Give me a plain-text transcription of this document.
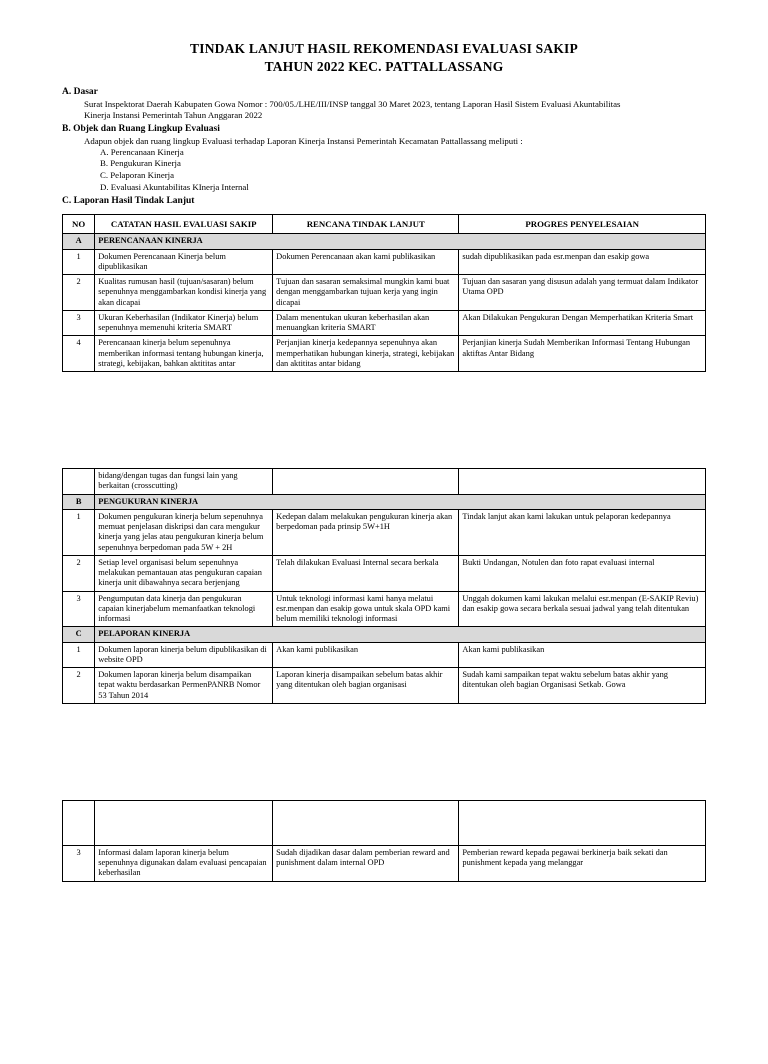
TINDAK LANJUT HASIL REKOMENDASI EVALUASI SAKIP
TAHUN 2022 KEC. PATTALLASSANG
A. Dasar
Surat Inspektorat Daerah Kabupaten Gowa Nomor : 700/05./LHE/III/INSP tanggal 30 Maret 2023, tentang Laporan Hasil Sistem Evaluasi Akuntabilitas
Kinerja Instansi Pemerintah Tahun Anggaran 2022
B. Objek dan Ruang Lingkup Evaluasi
Adapun objek dan ruang lingkup Evaluasi terhadap Laporan Kinerja Instansi Pemerintah Kecamatan Pattallassang meliputi :
A. Perencanaan Kinerja
B. Pengukuran Kinerja
C. Pelaporan Kinerja
D. Evaluasi Akuntabilitas KInerja Internal
C. Laporan Hasil Tindak Lanjut
NO	CATATAN HASIL EVALUASI SAKIP	RENCANA TINDAK LANJUT	PROGRES PENYELESAIAN
A	PERENCANAAN KINERJA		
1	Dokumen Perencanaan Kinerja belum dipublikasikan	Dokumen Perencanaan akan kami publikasikan	sudah dipublikasikan pada esr.menpan dan esakip gowa
2	Kualitas rumusan hasil (tujuan/sasaran) belum sepenuhnya menggambarkan kondisi kinerja yang akan dicapai	Tujuan dan sasaran semaksimal mungkin kami buat dengan menggambarkan tujuan kerja yang ingin dicapai	Tujuan dan sasaran yang disusun adalah yang termuat dalam Indikator Utama OPD
3	Ukuran Keberhasilan (Indikator Kinerja) belum sepenuhnya memenuhi kriteria SMART	Dalam menentukan ukuran keberhasilan akan menuangkan kriteria SMART	Akan Dilakukan Pengukuran Dengan Memperhatikan Kriteria Smart
4	Perencanaan kinerja belum sepenuhnya memberikan informasi tentang hubungan kinerja, strategi, kebijakan, bahkan aktititas antar	Perjanjian kinerja kedepannya sepenuhnya akan memperhatikan hubungan kinerja, strategi, kebijakan dan aktititas antar bidang	Perjanjian kinerja Sudah Memberikan Informasi Tentang Hubungan aktiftas Antar Bidang
	bidang/dengan tugas dan fungsi lain yang berkaitan (crosscutting)		
B	PENGUKURAN KINERJA		
1	Dokumen pengukuran kinerja belum sepenuhnya memuat penjelasan diskripsi dan cara mengukur kinerja yang jelas atau pengukuran kinerja belum sepenuhnya berpedoman pada 5W + 2H	Kedepan dalam melakukan pengukuran kinerja akan berpedoman pada prinsip 5W+1H	Tindak lanjut akan kami lakukan untuk pelaporan kedepannya
2	Setiap level organisasi belum sepenuhnya melakukan pemantauan atas pengukuran capaian kinerja unit dibawahnya secara berjenjang	Telah dilakukan Evaluasi Internal secara berkala	Bukti Undangan, Notulen dan foto rapat evaluasi internal
3	Pengumputan data kinerja dan pengukuran capaian kinerjabelum memanfaatkan teknologi informasi	Untuk teknologi informasi kami hanya melatui esr.menpan dan esakip gowa untuk skala OPD kami belum memiliki teknologi informasi	Unggah dokumen kami lakukan melalui esr.menpan (E-SAKIP Reviu) dan esakip gowa secara berkala sesuai jadwal yang telah ditentukan
C	PELAPORAN KINERJA		
1	Dokumen laporan kinerja belum dipublikasikan di website OPD	Akan kami publikasikan	Akan kami publikasikan
2	Dokumen laporan kinerja belum disampaikan tepat waktu berdasarkan PermenPANRB Nomor 53 Tahun 2014	Laporan kinerja disampaikan sebelum batas akhir yang ditentukan oleh bagian organisasi	Sudah kami sampaikan tepat waktu sebelum batas akhir yang ditentukan oleh bagian Organisasi Setkab. Gowa

3	Informasi dalam laporan kinerja belum sepenuhnya digunakan dalam evaluasi pencapaian keberhasilan	Sudah dijadikan dasar dalam pemberian reward and punishment dalam internal OPD	Pemberian reward kepada pegawai berkinerja baik sekati dan punishment kepada yang melanggar
